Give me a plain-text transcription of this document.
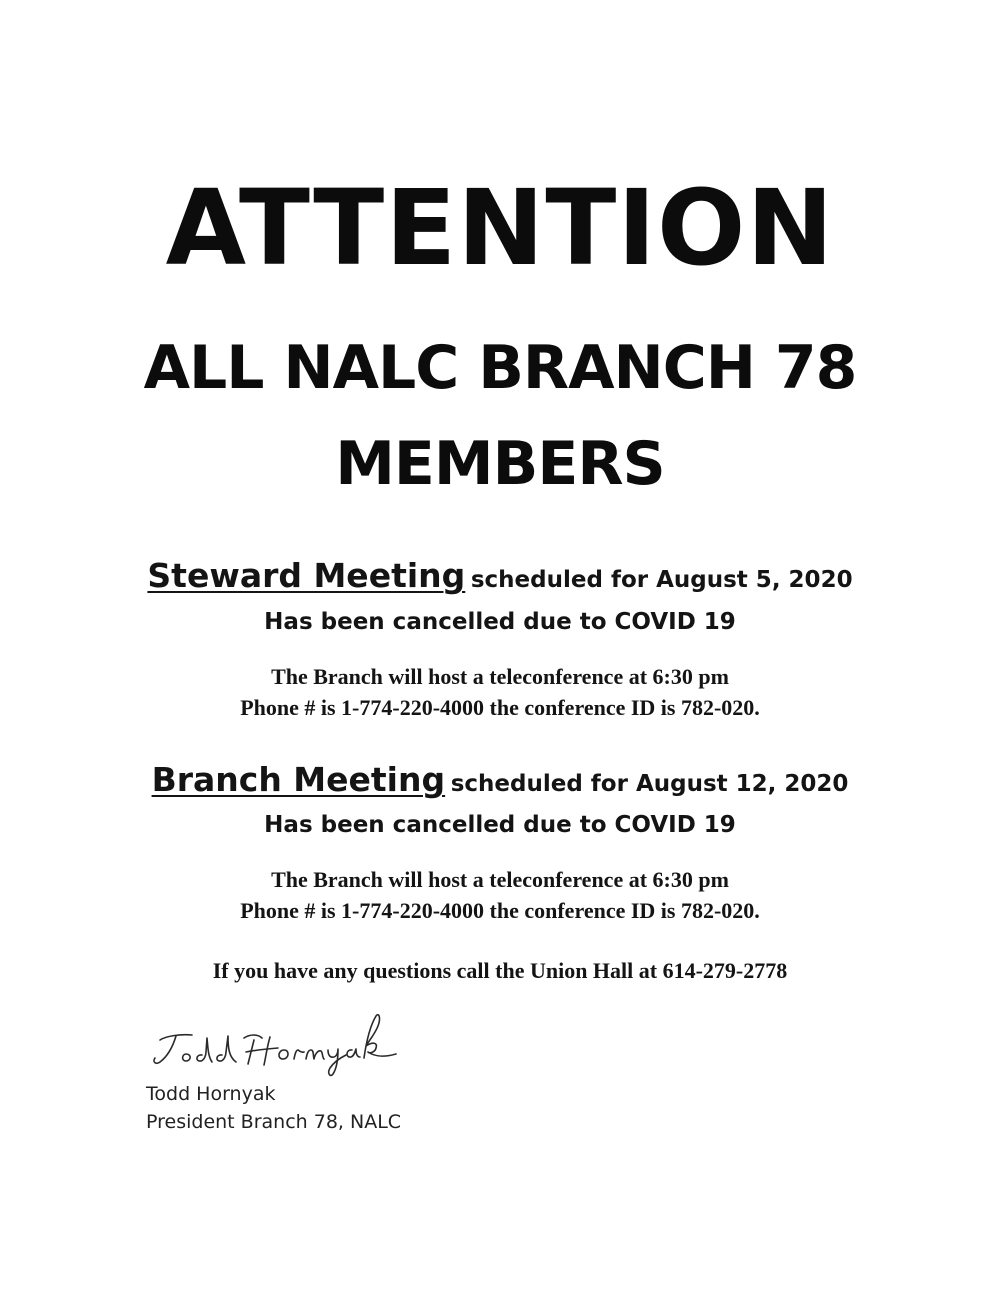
ATTENTION
ALL NALC BRANCH 78
MEMBERS
Steward Meeting scheduled for August 5, 2020
Has been cancelled due to COVID 19
The Branch will host a teleconference at 6:30 pm
Phone # is 1-774-220-4000 the conference ID is 782-020.
Branch Meeting scheduled for August 12, 2020
Has been cancelled due to COVID 19
The Branch will host a teleconference at 6:30 pm
Phone # is 1-774-220-4000 the conference ID is 782-020.
If you have any questions call the Union Hall at 614-279-2778
Todd Hornyak
President Branch 78, NALC
